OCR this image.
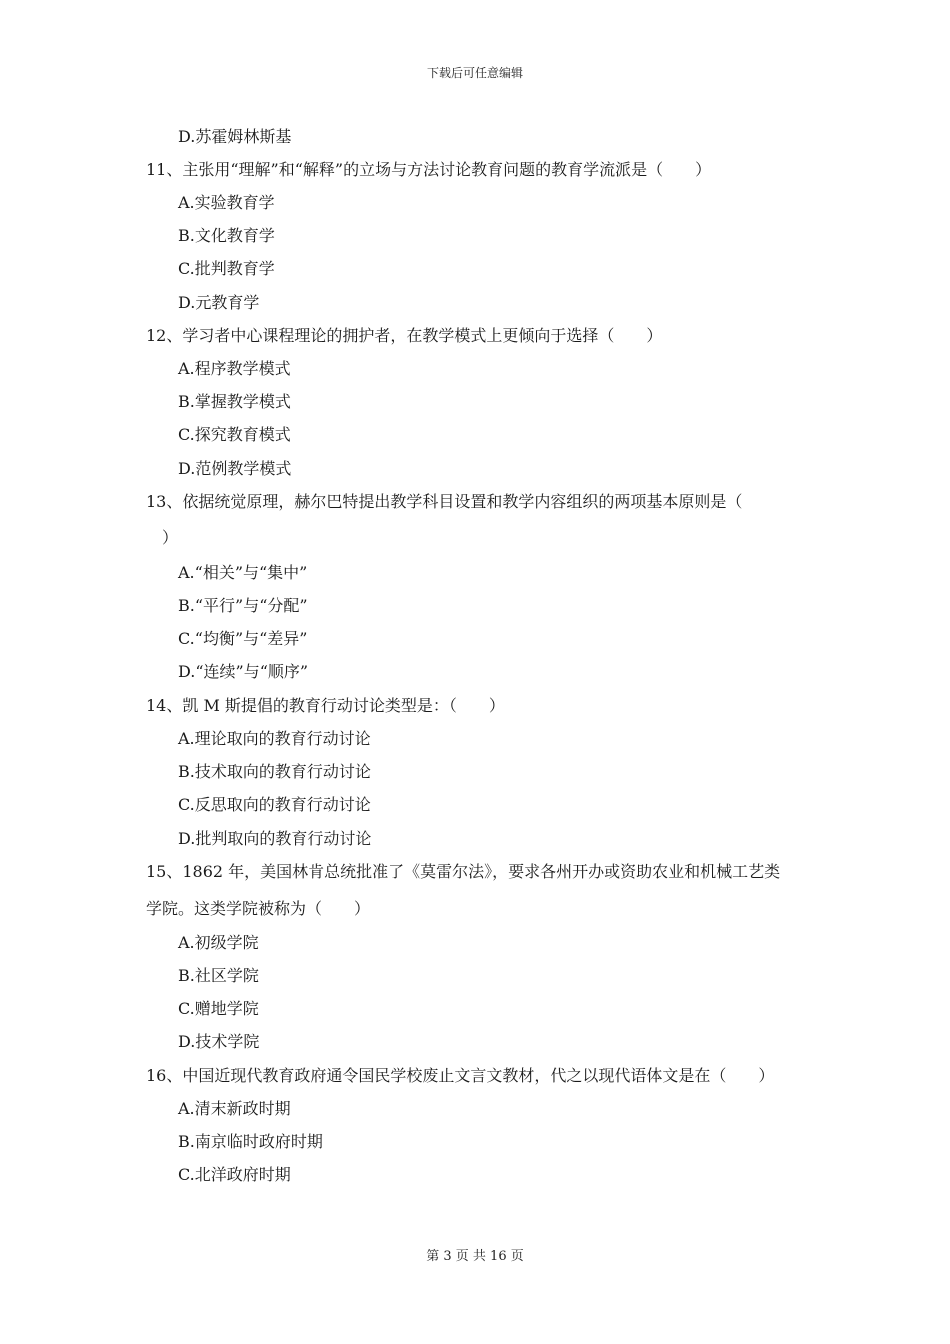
下载后可任意编辑
D.苏霍姆林斯基
11、主张用“理解”和“解释”的立场与方法讨论教育问题的教育学流派是（　　）
A.实验教育学
B.文化教育学
C.批判教育学
D.元教育学
12、学习者中心课程理论的拥护者，在教学模式上更倾向于选择（　　）
A.程序教学模式
B.掌握教学模式
C.探究教育模式
D.范例教学模式
13、依据统觉原理，赫尔巴特提出教学科目设置和教学内容组织的两项基本原则是（
　）
A.“相关”与“集中”
B.“平行”与“分配”
C.“均衡”与“差异”
D.“连续”与“顺序”
14、凯 M 斯提倡的教育行动讨论类型是：（　　）
A.理论取向的教育行动讨论
B.技术取向的教育行动讨论
C.反思取向的教育行动讨论
D.批判取向的教育行动讨论
15、1862 年，美国林肯总统批准了《莫雷尔法》，要求各州开办或资助农业和机械工艺类
学院。这类学院被称为（　　）
A.初级学院
B.社区学院
C.赠地学院
D.技术学院
16、中国近现代教育政府通令国民学校废止文言文教材，代之以现代语体文是在（　　）
A.清末新政时期
B.南京临时政府时期
C.北洋政府时期
第 3 页 共 16 页
